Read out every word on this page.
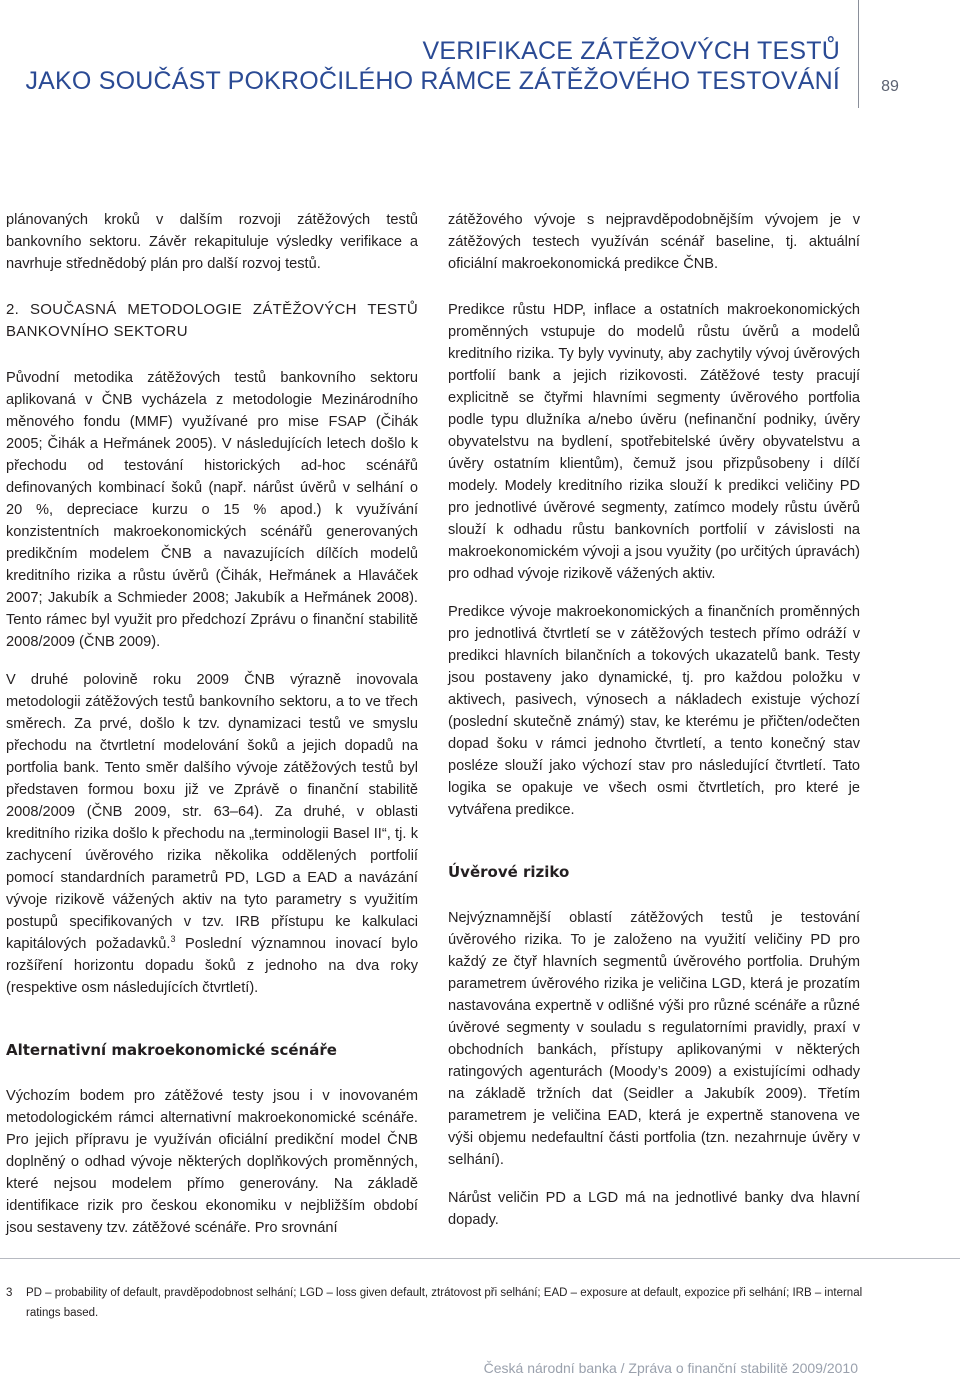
VERIFIKACE ZÁTĚŽOVÝCH TESTŮ
JAKO SOUČÁST POKROČILÉHO RÁMCE ZÁTĚŽOVÉHO TESTOVÁNÍ	89

plánovaných kroků v dalším rozvoji zátěžových testů bankovního sektoru. Závěr rekapituluje výsledky verifikace a navrhuje střednědobý plán pro další rozvoj testů.

2. SOUČASNÁ METODOLOGIE ZÁTĚŽOVÝCH TESTŮ BANKOVNÍHO SEKTORU

Původní metodika zátěžových testů bankovního sektoru aplikovaná v ČNB vycházela z metodologie Mezinárodního měnového fondu (MMF) využívané pro mise FSAP (Čihák 2005; Čihák a Heřmánek 2005). V následujících letech došlo k přechodu od testování historických ad-hoc scénářů definovaných kombinací šoků (např. nárůst úvěrů v selhání o 20 %, depreciace kurzu o 15 % apod.) k využívání konzistentních makroekonomických scénářů generovaných predikčním modelem ČNB a navazujících dílčích modelů kreditního rizika a růstu úvěrů (Čihák, Heřmánek a Hlaváček 2007; Jakubík a Schmieder 2008; Jakubík a Heřmánek 2008). Tento rámec byl využit pro předchozí Zprávu o finanční stabilitě 2008/2009 (ČNB 2009).

V druhé polovině roku 2009 ČNB výrazně inovovala metodologii zátěžových testů bankovního sektoru, a to ve třech směrech. Za prvé, došlo k tzv. dynamizaci testů ve smyslu přechodu na čtvrtletní modelování šoků a jejich dopadů na portfolia bank. Tento směr dalšího vývoje zátěžových testů byl představen formou boxu již ve Zprávě o finanční stabilitě 2008/2009 (ČNB 2009, str. 63–64). Za druhé, v oblasti kreditního rizika došlo k přechodu na „terminologii Basel II“, tj. k zachycení úvěrového rizika několika oddělených portfolií pomocí standardních parametrů PD, LGD a EAD a navázání vývoje rizikově vážených aktiv na tyto parametry s využitím postupů specifikovaných v tzv. IRB přístupu ke kalkulaci kapitálových požadavků.$^3$ Poslední významnou inovací bylo rozšíření horizontu dopadu šoků z jednoho na dva roky (respektive osm následujících čtvrtletí).

Alternativní makroekonomické scénáře

Výchozím bodem pro zátěžové testy jsou i v inovovaném metodologickém rámci alternativní makroekonomické scénáře. Pro jejich přípravu je využíván oficiální predikční model ČNB doplněný o odhad vývoje některých doplňkových proměnných, které nejsou modelem přímo generovány. Na základě identifikace rizik pro českou ekonomiku v nejbližším období jsou sestaveny tzv. zátěžové scénáře. Pro srovnání

zátěžového vývoje s nejpravděpodobnějším vývojem je v zátěžových testech využíván scénář baseline, tj. aktuální oficiální makroekonomická predikce ČNB.

Predikce růstu HDP, inflace a ostatních makroekonomických proměnných vstupuje do modelů růstu úvěrů a modelů kreditního rizika. Ty byly vyvinuty, aby zachytily vývoj úvěrových portfolií bank a jejich rizikovosti. Zátěžové testy pracují explicitně se čtyřmi hlavními segmenty úvěrového portfolia podle typu dlužníka a/nebo úvěru (nefinanční podniky, úvěry obyvatelstvu na bydlení, spotřebitelské úvěry obyvatelstvu a úvěry ostatním klientům), čemuž jsou přizpůsobeny i dílčí modely. Modely kreditního rizika slouží k predikci veličiny PD pro jednotlivé úvěrové segmenty, zatímco modely růstu úvěrů slouží k odhadu růstu bankovních portfolií v závislosti na makroekonomickém vývoji a jsou využity (po určitých úpravách) pro odhad vývoje rizikově vážených aktiv.

Predikce vývoje makroekonomických a finančních proměnných pro jednotlivá čtvrtletí se v zátěžových testech přímo odráží v predikci hlavních bilančních a tokových ukazatelů bank. Testy jsou postaveny jako dynamické, tj. pro každou položku v aktivech, pasivech, výnosech a nákladech existuje výchozí (poslední skutečně známý) stav, ke kterému je přičten/odečten dopad šoku v rámci jednoho čtvrtletí, a tento konečný stav posléze slouží jako výchozí stav pro následující čtvrtletí. Tato logika se opakuje ve všech osmi čtvrtletích, pro které je vytvářena predikce.

Úvěrové riziko

Nejvýznamnější oblastí zátěžových testů je testování úvěrového rizika. To je založeno na využití veličiny PD pro každý ze čtyř hlavních segmentů úvěrového portfolia. Druhým parametrem úvěrového rizika je veličina LGD, která je prozatím nastavována expertně v odlišné výši pro různé scénáře a různé úvěrové segmenty v souladu s regulatorními pravidly, praxí v obchodních bankách, přístupy aplikovanými v některých ratingových agenturách (Moody’s 2009) a existujícími odhady na základě tržních dat (Seidler a Jakubík 2009). Třetím parametrem je veličina EAD, která je expertně stanovena ve výši objemu nedefaultní části portfolia (tzn. nezahrnuje úvěry v selhání).

Nárůst veličin PD a LGD má na jednotlivé banky dva hlavní dopady.

3 PD – probability of default, pravděpodobnost selhání; LGD – loss given default, ztrátovost při selhání; EAD – exposure at default, expozice při selhání; IRB – internal ratings based.
Česká národní banka / Zpráva o finanční stabilitě 2009/2010
